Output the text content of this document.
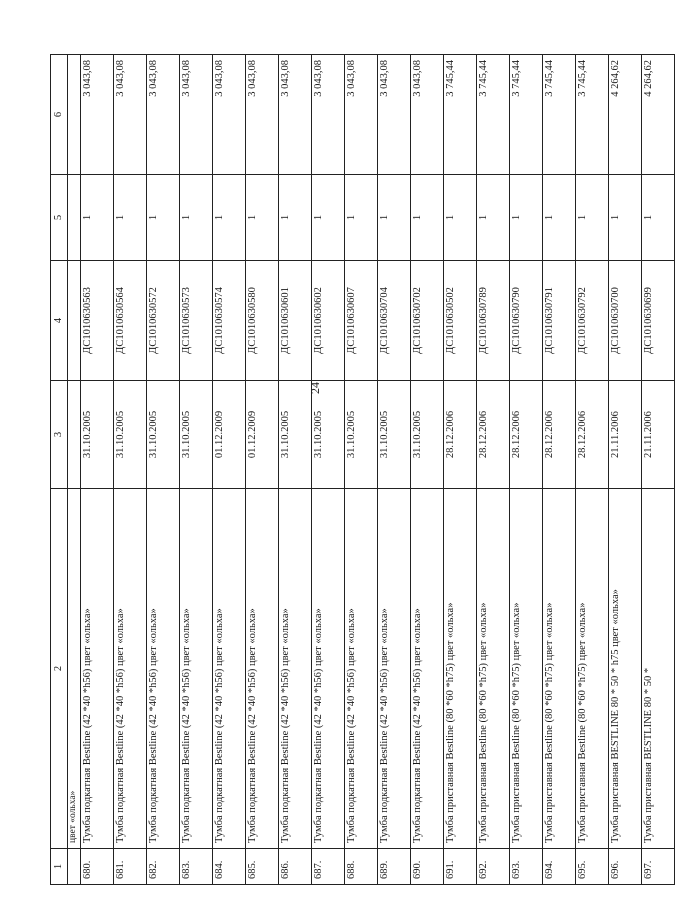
24
1	2	3	4	5	6
	цвет «ольха»				
680.	Тумба подкатная Bestline (42 *40 *h56) цвет «ольха»	31.10.2005	ДС1010630563	1	3 043,08
681.	Тумба подкатная Bestline (42 *40 *h56) цвет «ольха»	31.10.2005	ДС1010630564	1	3 043,08
682.	Тумба подкатная Bestline (42 *40 *h56) цвет «ольха»	31.10.2005	ДС1010630572	1	3 043,08
683.	Тумба подкатная Bestline (42 *40 *h56) цвет «ольха»	31.10.2005	ДС1010630573	1	3 043,08
684.	Тумба подкатная Bestline (42 *40 *h56) цвет «ольха»	01.12.2009	ДС1010630574	1	3 043,08
685.	Тумба подкатная Bestline (42 *40 *h56) цвет «ольха»	01.12.2009	ДС1010630580	1	3 043,08
686.	Тумба подкатная Bestline (42 *40 *h56) цвет «ольха»	31.10.2005	ДС1010630601	1	3 043,08
687.	Тумба подкатная Bestline (42 *40 *h56) цвет «ольха»	31.10.2005	ДС1010630602	1	3 043,08
688.	Тумба подкатная Bestline (42 *40 *h56) цвет «ольха»	31.10.2005	ДС1010630607	1	3 043,08
689.	Тумба подкатная Bestline (42 *40 *h56) цвет «ольха»	31.10.2005	ДС1010630704	1	3 043,08
690.	Тумба подкатная Bestline (42 *40 *h56) цвет «ольха»	31.10.2005	ДС1010630702	1	3 043,08
691.	Тумба приставная Bestline (80 *60 *h75) цвет «ольха»	28.12.2006	ДС1010630502	1	3 745,44
692.	Тумба приставная Bestline (80 *60 *h75) цвет «ольха»	28.12.2006	ДС1010630789	1	3 745,44
693.	Тумба приставная Bestline (80 *60 *h75) цвет «ольха»	28.12.2006	ДС1010630790	1	3 745,44
694.	Тумба приставная Bestline (80 *60 *h75) цвет «ольха»	28.12.2006	ДС1010630791	1	3 745,44
695.	Тумба приставная Bestline (80 *60 *h75) цвет «ольха»	28.12.2006	ДС1010630792	1	3 745,44
696.	Тумба приставная BESTLINE 80 * 50 * h75 цвет «ольха»	21.11.2006	ДС1010630700	1	4 264,62
697.	Тумба приставная BESTLINE 80 * 50 *	21.11.2006	ДС1010630699	1	4 264,62
